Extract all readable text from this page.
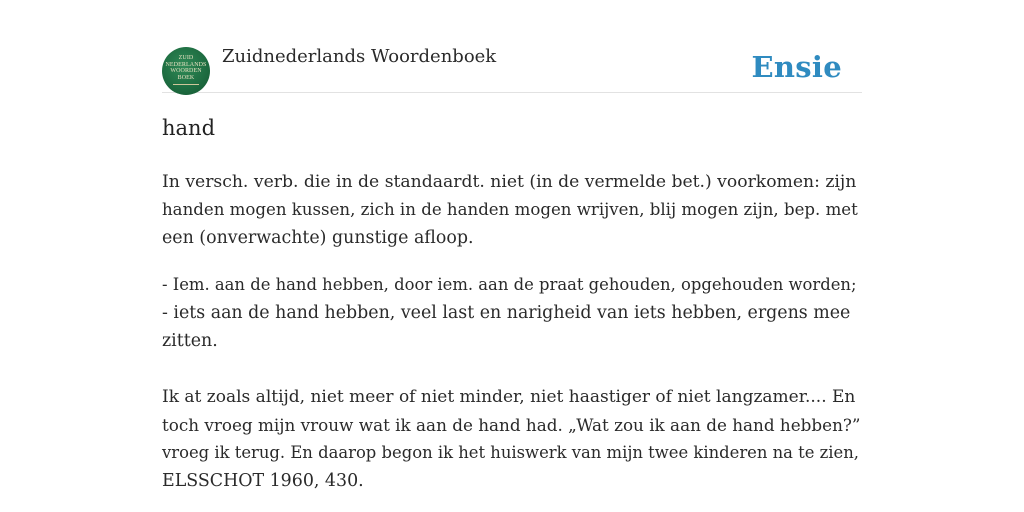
ZUID
NEDERLANDS
WOORDEN
BOEK
Zuidnederlands Woordenboek	Ensie
hand
In versch. verb. die in de standaardt. niet (in de vermelde bet.) voorkomen: zijn
handen mogen kussen, zich in de handen mogen wrijven, blij mogen zijn, bep. met
een (onverwachte) gunstige afloop.
- Iem. aan de hand hebben, door iem. aan de praat gehouden, opgehouden worden;
- iets aan de hand hebben, veel last en narigheid van iets hebben, ergens mee
zitten.
Ik at zoals altijd, niet meer of niet minder, niet haastiger of niet langzamer.... En
toch vroeg mijn vrouw wat ik aan de hand had. „Wat zou ik aan de hand hebben?”
vroeg ik terug. En daarop begon ik het huiswerk van mijn twee kinderen na te zien,
ELSSCHOT 1960, 430.
